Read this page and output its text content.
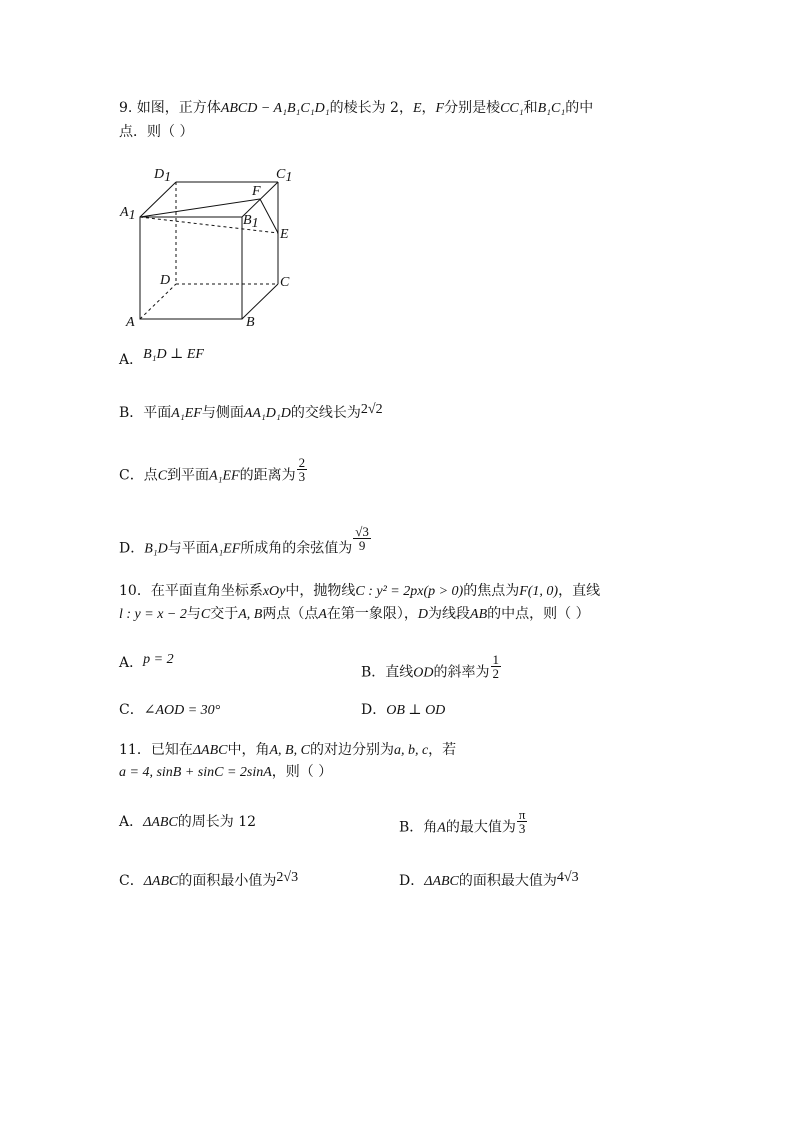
9. 如图，正方体ABCD − A₁B₁C₁D₁的棱长为 2，E，F分别是棱CC₁和B₁C₁的中
点．则（ ）
D1	C1
F
A1	B1
E
D	C
A	B
A．B₁D ⊥ EF
B．平面A₁EF与侧面AA₁D₁D的交线长为2√2
C．点C到平面A₁EF的距离为 $\frac{2}{3}$
D．B₁D与平面A₁EF所成角的余弦值为 $\frac{√3}{9}$
10．在平面直角坐标系xOy中，抛物线C : y² = 2px(p > 0)的焦点为F(1, 0)，直线
l : y = x − 2与C交于A, B两点（点A在第一象限），D为线段AB的中点，则（ ）
A．p = 2
B．直线OD的斜率为 $\frac{1}{2}$
C．∠AOD = 30°	D．OB ⊥ OD
11．已知在ΔABC中，角A, B, C的对边分别为a, b, c，若
a = 4, sinB + sinC = 2sinA，则（ ）
A．ΔABC的周长为 12	B．角A的最大值为 $\frac{\pi}{3}$
C．ΔABC的面积最小值为2√3	D．ΔABC的面积最大值为4√3
